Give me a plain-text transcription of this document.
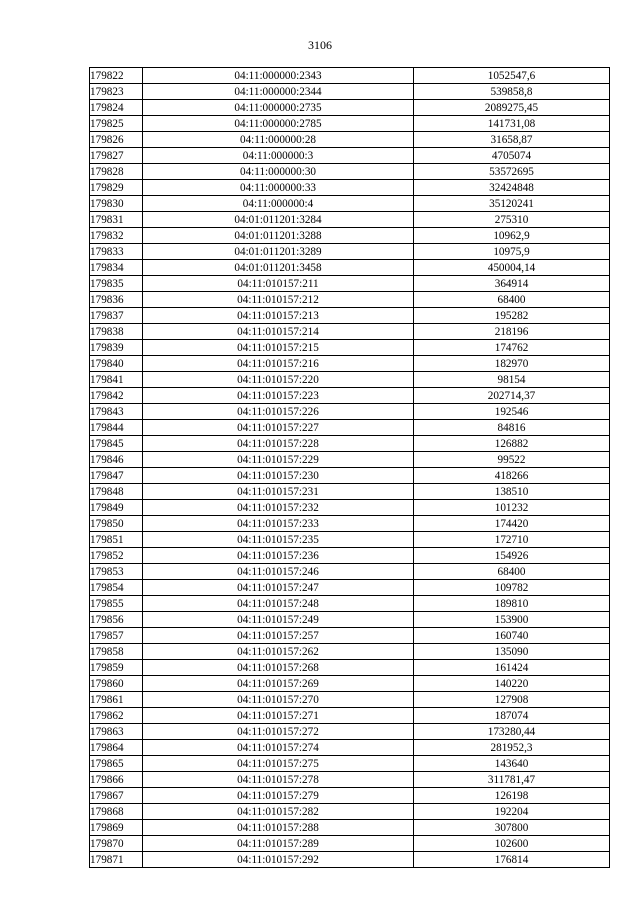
3106
179822	04:11:000000:2343	1052547,6
179823	04:11:000000:2344	539858,8
179824	04:11:000000:2735	2089275,45
179825	04:11:000000:2785	141731,08
179826	04:11:000000:28	31658,87
179827	04:11:000000:3	4705074
179828	04:11:000000:30	53572695
179829	04:11:000000:33	32424848
179830	04:11:000000:4	35120241
179831	04:01:011201:3284	275310
179832	04:01:011201:3288	10962,9
179833	04:01:011201:3289	10975,9
179834	04:01:011201:3458	450004,14
179835	04:11:010157:211	364914
179836	04:11:010157:212	68400
179837	04:11:010157:213	195282
179838	04:11:010157:214	218196
179839	04:11:010157:215	174762
179840	04:11:010157:216	182970
179841	04:11:010157:220	98154
179842	04:11:010157:223	202714,37
179843	04:11:010157:226	192546
179844	04:11:010157:227	84816
179845	04:11:010157:228	126882
179846	04:11:010157:229	99522
179847	04:11:010157:230	418266
179848	04:11:010157:231	138510
179849	04:11:010157:232	101232
179850	04:11:010157:233	174420
179851	04:11:010157:235	172710
179852	04:11:010157:236	154926
179853	04:11:010157:246	68400
179854	04:11:010157:247	109782
179855	04:11:010157:248	189810
179856	04:11:010157:249	153900
179857	04:11:010157:257	160740
179858	04:11:010157:262	135090
179859	04:11:010157:268	161424
179860	04:11:010157:269	140220
179861	04:11:010157:270	127908
179862	04:11:010157:271	187074
179863	04:11:010157:272	173280,44
179864	04:11:010157:274	281952,3
179865	04:11:010157:275	143640
179866	04:11:010157:278	311781,47
179867	04:11:010157:279	126198
179868	04:11:010157:282	192204
179869	04:11:010157:288	307800
179870	04:11:010157:289	102600
179871	04:11:010157:292	176814
